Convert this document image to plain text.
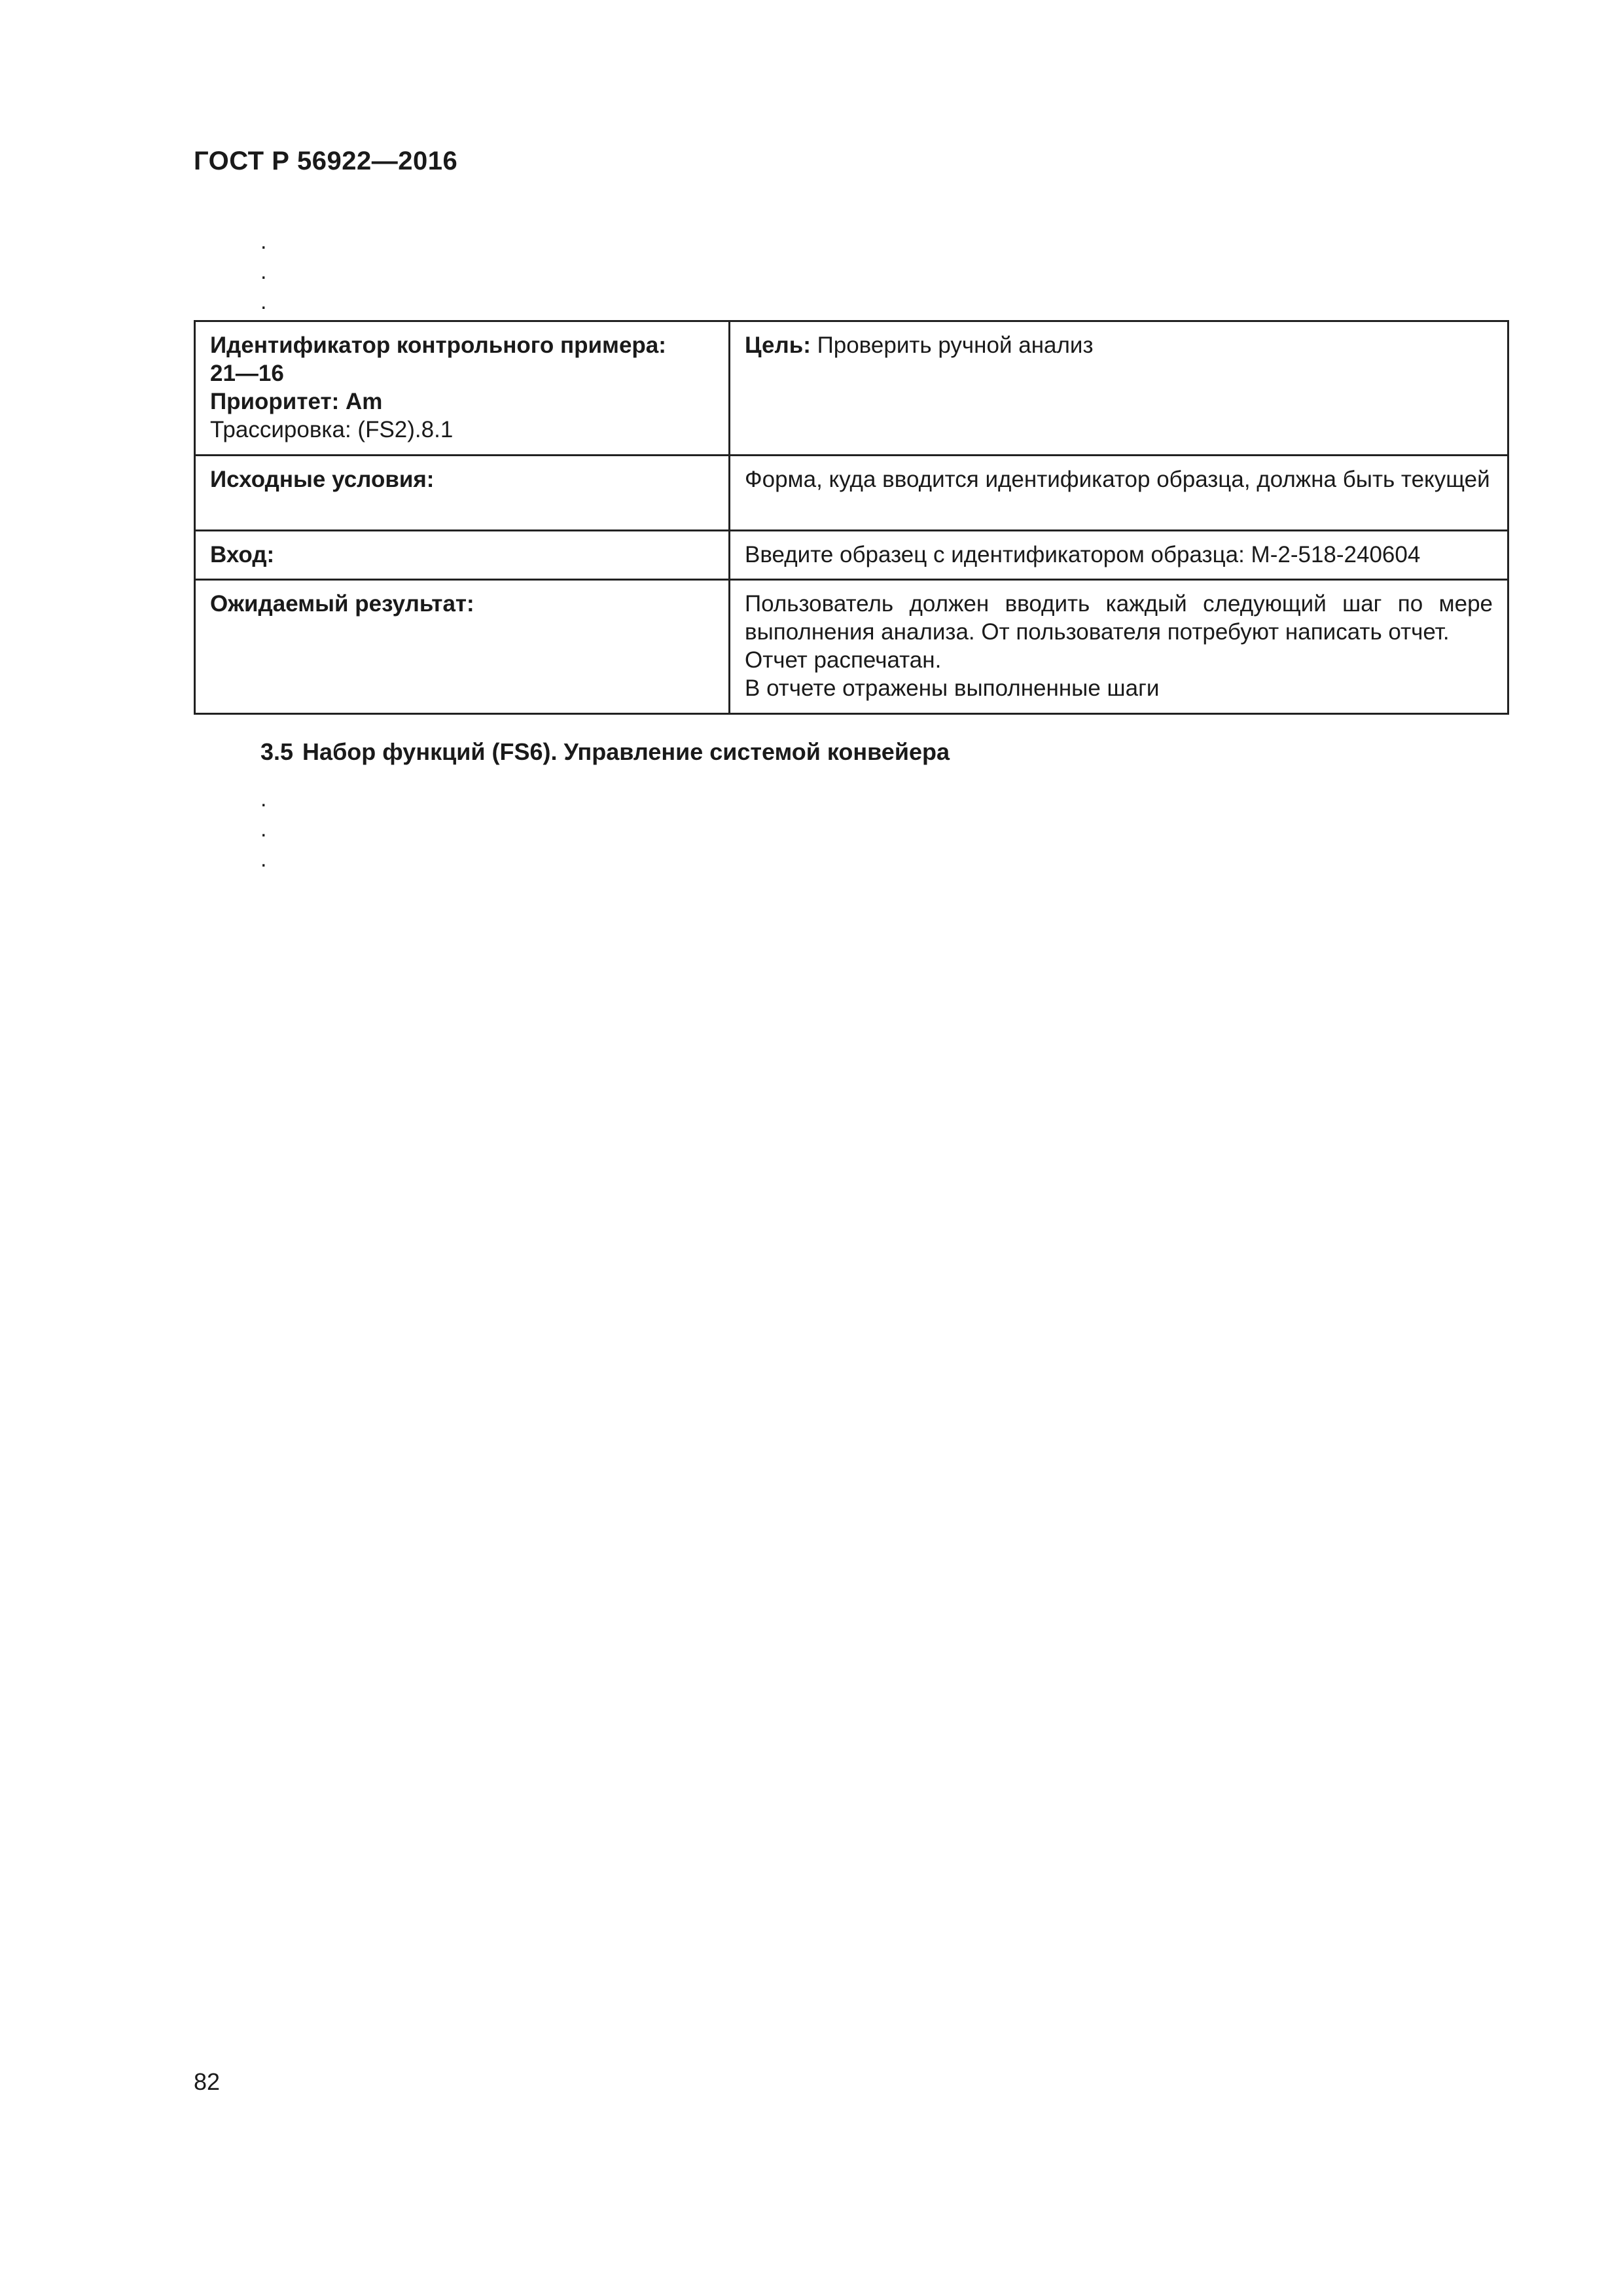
ГОСТ Р 56922—2016
.
.
.
Идентификатор контрольного примера:
21—16
Приоритет: Am
Трассировка: (FS2).8.1	Цель: Проверить ручной анализ
Исходные условия:	Форма, куда вводится идентификатор образца, должна быть текущей
Вход:	Введите образец с идентификатором образца: M-2-518-240604
Ожидаемый результат:	Пользователь должен вводить каждый следующий шаг по мере выполнения анализа. От пользователя потребуют написать отчет.
Отчет распечатан.
В отчете отражены выполненные шаги
3.5 Набор функций (FS6). Управление системой конвейера
.
.
.
82
